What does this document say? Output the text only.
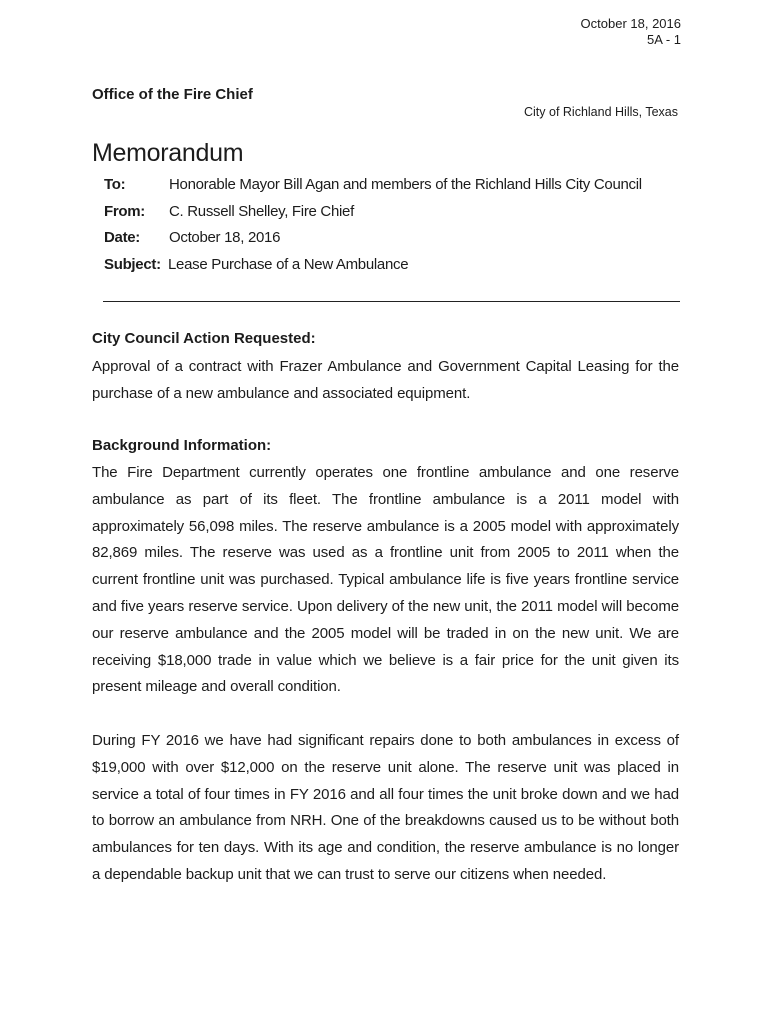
October 18, 2016
5A - 1
Office of the Fire Chief
City of Richland Hills, Texas
Memorandum
To:	Honorable Mayor Bill Agan and members of the Richland Hills City Council
From:	C. Russell Shelley, Fire Chief
Date:	October 18, 2016
Subject: Lease Purchase of a New Ambulance
City Council Action Requested:
Approval of a contract with Frazer Ambulance and Government Capital Leasing for the purchase of a new ambulance and associated equipment.
Background Information:
The Fire Department currently operates one frontline ambulance and one reserve ambulance as part of its fleet. The frontline ambulance is a 2011 model with approximately 56,098 miles. The reserve ambulance is a 2005 model with approximately 82,869 miles. The reserve was used as a frontline unit from 2005 to 2011 when the current frontline unit was purchased. Typical ambulance life is five years frontline service and five years reserve service. Upon delivery of the new unit, the 2011 model will become our reserve ambulance and the 2005 model will be traded in on the new unit. We are receiving $18,000 trade in value which we believe is a fair price for the unit given its present mileage and overall condition.
During FY 2016 we have had significant repairs done to both ambulances in excess of $19,000 with over $12,000 on the reserve unit alone. The reserve unit was placed in service a total of four times in FY 2016 and all four times the unit broke down and we had to borrow an ambulance from NRH. One of the breakdowns caused us to be without both ambulances for ten days. With its age and condition, the reserve ambulance is no longer a dependable backup unit that we can trust to serve our citizens when needed.
